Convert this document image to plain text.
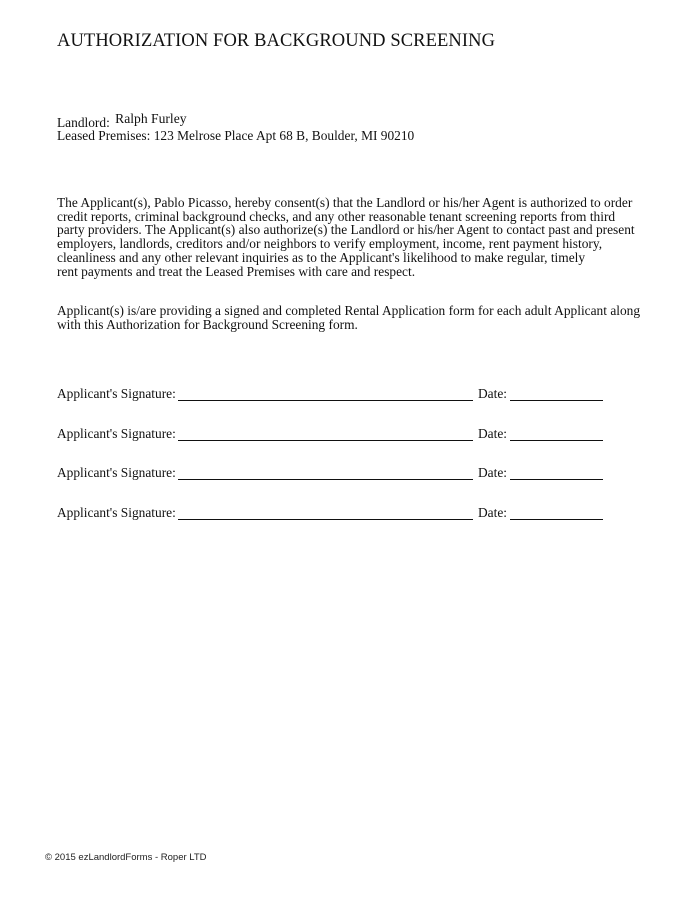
AUTHORIZATION FOR BACKGROUND SCREENING
Landlord: Ralph Furley
Leased Premises: 123 Melrose Place Apt 68 B, Boulder, MI 90210
The Applicant(s), Pablo Picasso, hereby consent(s) that the Landlord or his/her Agent is authorized to order
credit reports, criminal background checks, and any other reasonable tenant screening reports from third
party providers. The Applicant(s) also authorize(s) the Landlord or his/her Agent to contact past and present
employers, landlords, creditors and/or neighbors to verify employment, income, rent payment history,
cleanliness and any other relevant inquiries as to the Applicant's likelihood to make regular, timely
rent payments and treat the Leased Premises with care and respect.
Applicant(s) is/are providing a signed and completed Rental Application form for each adult Applicant along
with this Authorization for Background Screening form.
Applicant's Signature:	Date:
Applicant's Signature:	Date:
Applicant's Signature:	Date:
Applicant's Signature:	Date:
© 2015 ezLandlordForms - Roper LTD
